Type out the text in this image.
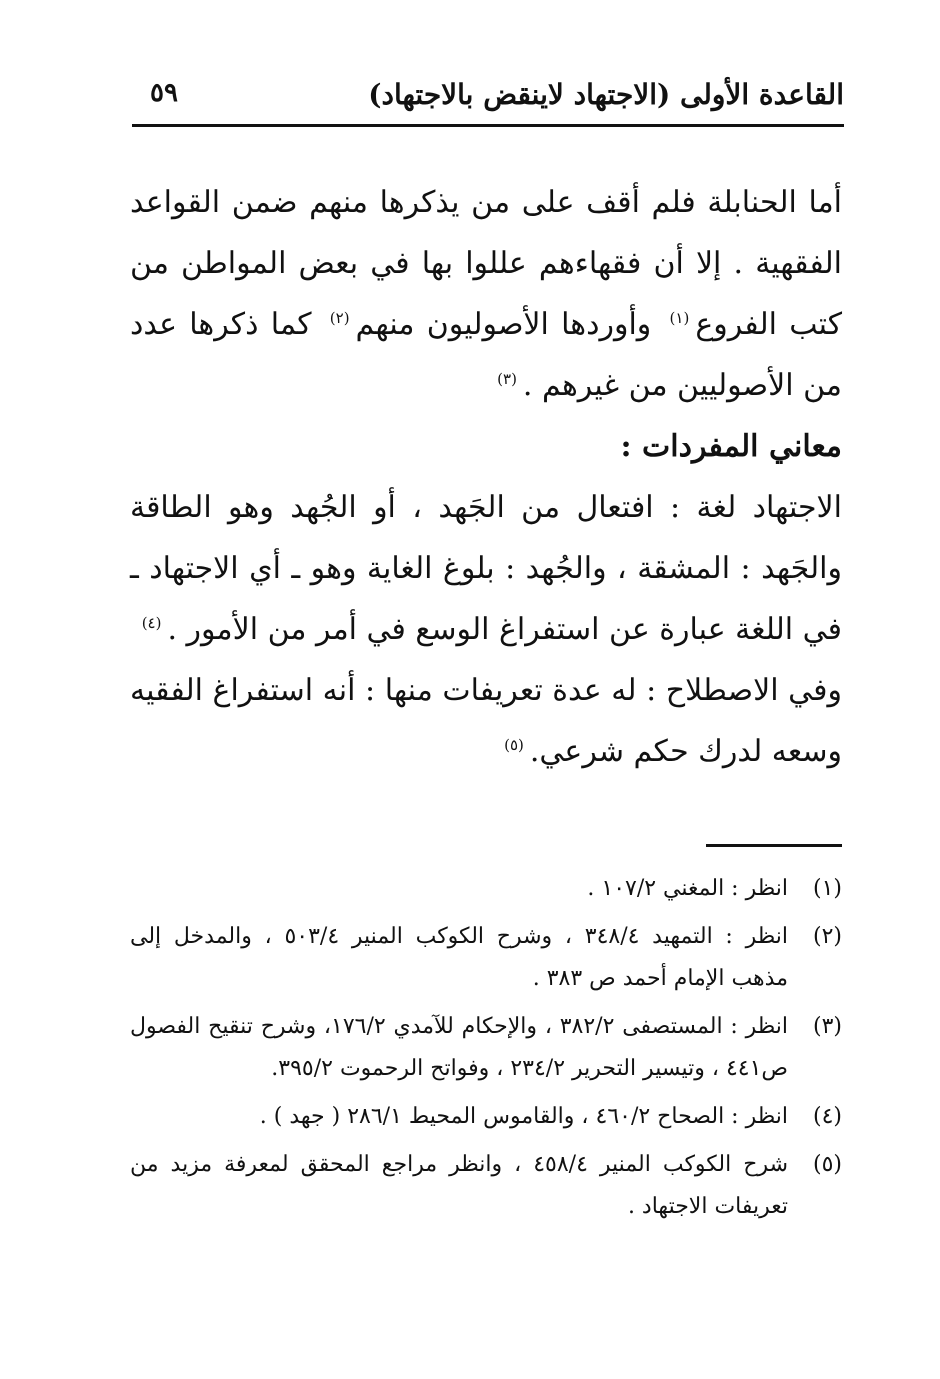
القاعدة الأولى (الاجتهاد لاينقض بالاجتهاد)
٥٩

أما الحنابلة فلم أقف على من يذكرها منهم ضمن القواعد الفقهية . إلا أن فقهاءهم عللوا بها في بعض المواطن من كتب الفروع$^{(١)}$ وأوردها الأصوليون منهم$^{(٢)}$ كما ذكرها عدد من الأصوليين من غيرهم .$^{(٣)}$

معاني المفردات :

الاجتهاد لغة : افتعال من الجَهد ، أو الجُهد وهو الطاقة والجَهد : المشقة ، والجُهد : بلوغ الغاية وهو ـ أي الاجتهاد ـ في اللغة عبارة عن استفراغ الوسع في أمر من الأمور .$^{(٤)}$

وفي الاصطلاح : له عدة تعريفات منها : أنه استفراغ الفقيه وسعه لدرك حكم شرعي.$^{(٥)}$

(١)
انظر : المغني ١٠٧/٢ .
(٢)
انظر : التمهيد ٣٤٨/٤ ، وشرح الكوكب المنير ٥٠٣/٤ ، والمدخل إلى مذهب الإمام أحمد ص ٣٨٣ .
(٣)
انظر : المستصفى ٣٨٢/٢ ، والإحكام للآمدي ١٧٦/٢، وشرح تنقيح الفصول ص٤٤١ ، وتيسير التحرير ٢٣٤/٢ ، وفواتح الرحموت ٣٩٥/٢.
(٤)
انظر : الصحاح ٤٦٠/٢ ، والقاموس المحيط ٢٨٦/١ ( جهد ) .
(٥)
شرح الكوكب المنير ٤٥٨/٤ ، وانظر مراجع المحقق لمعرفة مزيد من تعريفات الاجتهاد .
